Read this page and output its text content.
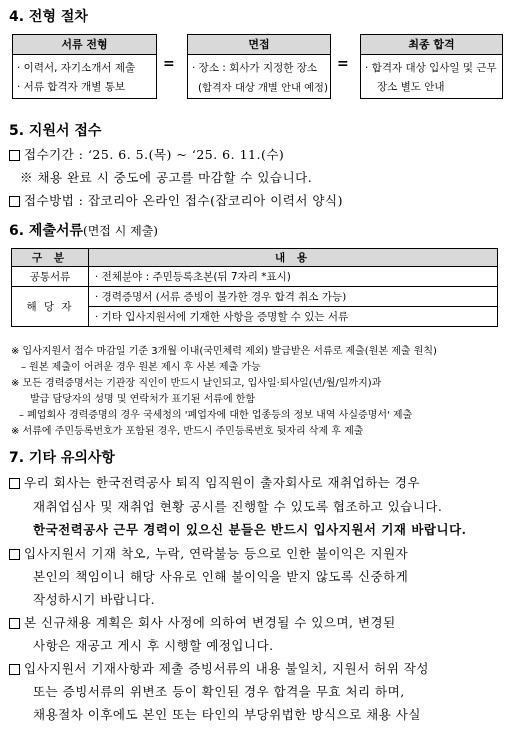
4. 전형 절차
서류 전형
· 이력서, 자기소개서 제출
· 서류 합격자 개별 통보
=
면접
· 장소 : 회사가 지정한 장소
(합격자 대상 개별 안내 예정)
=
최종 합격
· 합격자 대상 입사일 및 근무
장소 별도 안내
5. 지원서 접수
접수기간 : ‘25. 6. 5.(목) ~ ‘25. 6. 11.(수)
※ 채용 완료 시 중도에 공고를 마감할 수 있습니다.
접수방법 : 잡코리아 온라인 접수(잡코리아 이력서 양식)
6. 제출서류(면접 시 제출)
구 분	내 용
공통서류	· 전체분야 : 주민등록초본(뒤 7자리 *표시)
해 당 자	· 경력증명서 (서류 증빙이 불가한 경우 합격 취소 가능)
	· 기타 입사지원서에 기재한 사항을 증명할 수 있는 서류
※ 입사지원서 접수 마감일 기준 3개월 이내(국민체력 제외) 발급받은 서류로 제출(원본 제출 원칙)
– 원본 제출이 어려운 경우 원본 제시 후 사본 제출 가능
※ 모든 경력증명서는 기관장 직인이 반드시 날인되고, 입사일·퇴사일(년/월/일까지)과
발급 담당자의 성명 및 연락처가 표기된 서류에 한함
– 폐업회사 경력증명의 경우 국세청의 '폐업자에 대한 업종등의 정보 내역 사실증명서' 제출
※ 서류에 주민등록번호가 포함된 경우, 반드시 주민등록번호 뒷자리 삭제 후 제출
7. 기타 유의사항
우리 회사는 한국전력공사 퇴직 임직원이 출자회사로 재취업하는 경우
재취업심사 및 재취업 현황 공시를 진행할 수 있도록 협조하고 있습니다.
한국전력공사 근무 경력이 있으신 분들은 반드시 입사지원서 기재 바랍니다.
입사지원서 기재 착오, 누락, 연락불능 등으로 인한 불이익은 지원자
본인의 책임이니 해당 사유로 인해 불이익을 받지 않도록 신중하게
작성하시기 바랍니다.
본 신규채용 계획은 회사 사정에 의하여 변경될 수 있으며, 변경된
사항은 재공고 게시 후 시행할 예정입니다.
입사지원서 기재사항과 제출 증빙서류의 내용 불일치, 지원서 허위 작성
또는 증빙서류의 위변조 등이 확인된 경우 합격을 무효 처리 하며,
채용절차 이후에도 본인 또는 타인의 부당위법한 방식으로 채용 사실
